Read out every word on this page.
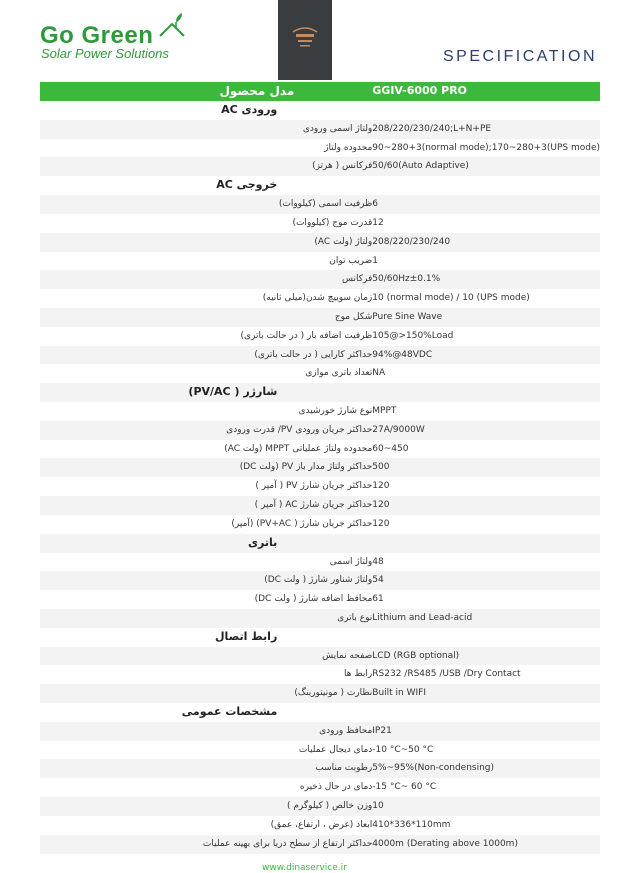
Go Green
Solar Power Solutions	SPECIFICATION
مدل محصول	GGIV-6000 PRO
ورودی AC	
ولتاژ اسمی ورودی	208/220/230/240;L+N+PE
محدوده ولتاژ	90~280+3(normal mode);170~280+3(UPS mode)
فرکانس ( هرتز)	50/60(Auto Adaptive)
خروجی AC	
ظرفیت اسمی (کیلووات)	6
قدرت موج (کیلووات)	12
ولتاژ (ولت AC)	208/220/230/240
ضریب توان	1
فرکانس	50/60Hz±0.1%
زمان سوییچ شدن(میلی ثانیه)	10 (normal mode) / 10 (UPS mode)
شکل موج	Pure Sine Wave
ظرفیت اضافه بار ( در حالت باتری)	105@>150%Load
حداکثر کارایی ( در حالت باتری)	94%@48VDC
تعداد باتری موازی	NA
شارژر ( PV/AC)	
نوع شارژ خورشیدی	MPPT
حداکثر جریان ورودی PV/ قدرت ورودی	27A/9000W
محدوده ولتاژ عملیاتی MPPT (ولت AC)	60~450
حداکثر ولتاژ مدار باز PV (ولت DC)	500
حداکثر جریان شارژ PV ( آمپر )	120
حداکثر جریان شارژ AC ( آمپر )	120
حداکثر جریان شارژ ( PV+AC) (آمپر)	120
باتری	
ولتاژ اسمی	48
ولتاژ شناور شارژ ( ولت DC)	54
محافظ اضافه شارژ ( ولت DC)	61
نوع باتری	Lithium and Lead-acid
رابط اتصال	
صفحه نمایش	LCD (RGB optional)
رابط ها	RS232 /RS485 /USB /Dry Contact
نظارت ( مونیتورینگ)	Built in WIFI
مشخصات عمومی	
محافظ ورودی	IP21
دمای دیجال عملیات	-10 °C~50 °C
رطوبت مناسب	5%~95%(Non-condensing)
دمای در حال ذخیره	-15 °C~ 60 °C
وزن خالص ( کیلوگرم )	10
ابعاد (عرض ، ارتفاع، عمق)	410*336*110mm
حداکثر ارتفاع از سطح دریا برای بهینه عملیات	4000m (Derating above 1000m)
www.dinaservice.ir
